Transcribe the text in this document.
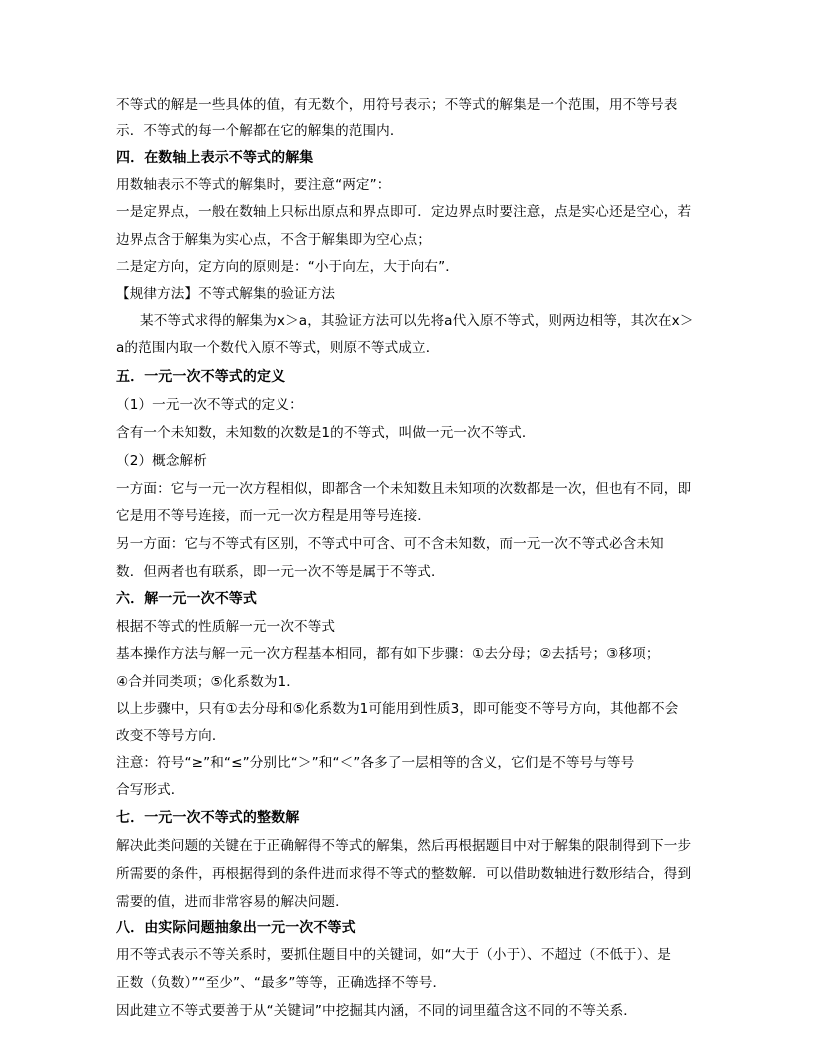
不等式的解是一些具体的值，有无数个，用符号表示；不等式的解集是一个范围，用不等号表
示．不等式的每一个解都在它的解集的范围内．
四．在数轴上表示不等式的解集
用数轴表示不等式的解集时，要注意“两定”：
一是定界点，一般在数轴上只标出原点和界点即可．定边界点时要注意，点是实心还是空心，若
边界点含于解集为实心点，不含于解集即为空心点；
二是定方向，定方向的原则是：“小于向左，大于向右”．
【规律方法】不等式解集的验证方法
某不等式求得的解集为x＞a，其验证方法可以先将a代入原不等式，则两边相等，其次在x＞
a的范围内取一个数代入原不等式，则原不等式成立．
五．一元一次不等式的定义
（1）一元一次不等式的定义：
含有一个未知数，未知数的次数是1的不等式，叫做一元一次不等式．
（2）概念解析
一方面：它与一元一次方程相似，即都含一个未知数且未知项的次数都是一次，但也有不同，即
它是用不等号连接，而一元一次方程是用等号连接．
另一方面：它与不等式有区别，不等式中可含、可不含未知数，而一元一次不等式必含未知
数．但两者也有联系，即一元一次不等是属于不等式．
六．解一元一次不等式
根据不等式的性质解一元一次不等式
基本操作方法与解一元一次方程基本相同，都有如下步骤：①去分母；②去括号；③移项；
④合并同类项；⑤化系数为1．
以上步骤中，只有①去分母和⑤化系数为1可能用到性质3，即可能变不等号方向，其他都不会
改变不等号方向．
注意：符号“≥”和“≤”分别比“＞”和“＜”各多了一层相等的含义，它们是不等号与等号
合写形式．
七．一元一次不等式的整数解
解决此类问题的关键在于正确解得不等式的解集，然后再根据题目中对于解集的限制得到下一步
所需要的条件，再根据得到的条件进而求得不等式的整数解．可以借助数轴进行数形结合，得到
需要的值，进而非常容易的解决问题．
八．由实际问题抽象出一元一次不等式
用不等式表示不等关系时，要抓住题目中的关键词，如“大于（小于）、不超过（不低于）、是
正数（负数）”“至少”、“最多”等等，正确选择不等号．
因此建立不等式要善于从“关键词”中挖掘其内涵，不同的词里蕴含这不同的不等关系．
